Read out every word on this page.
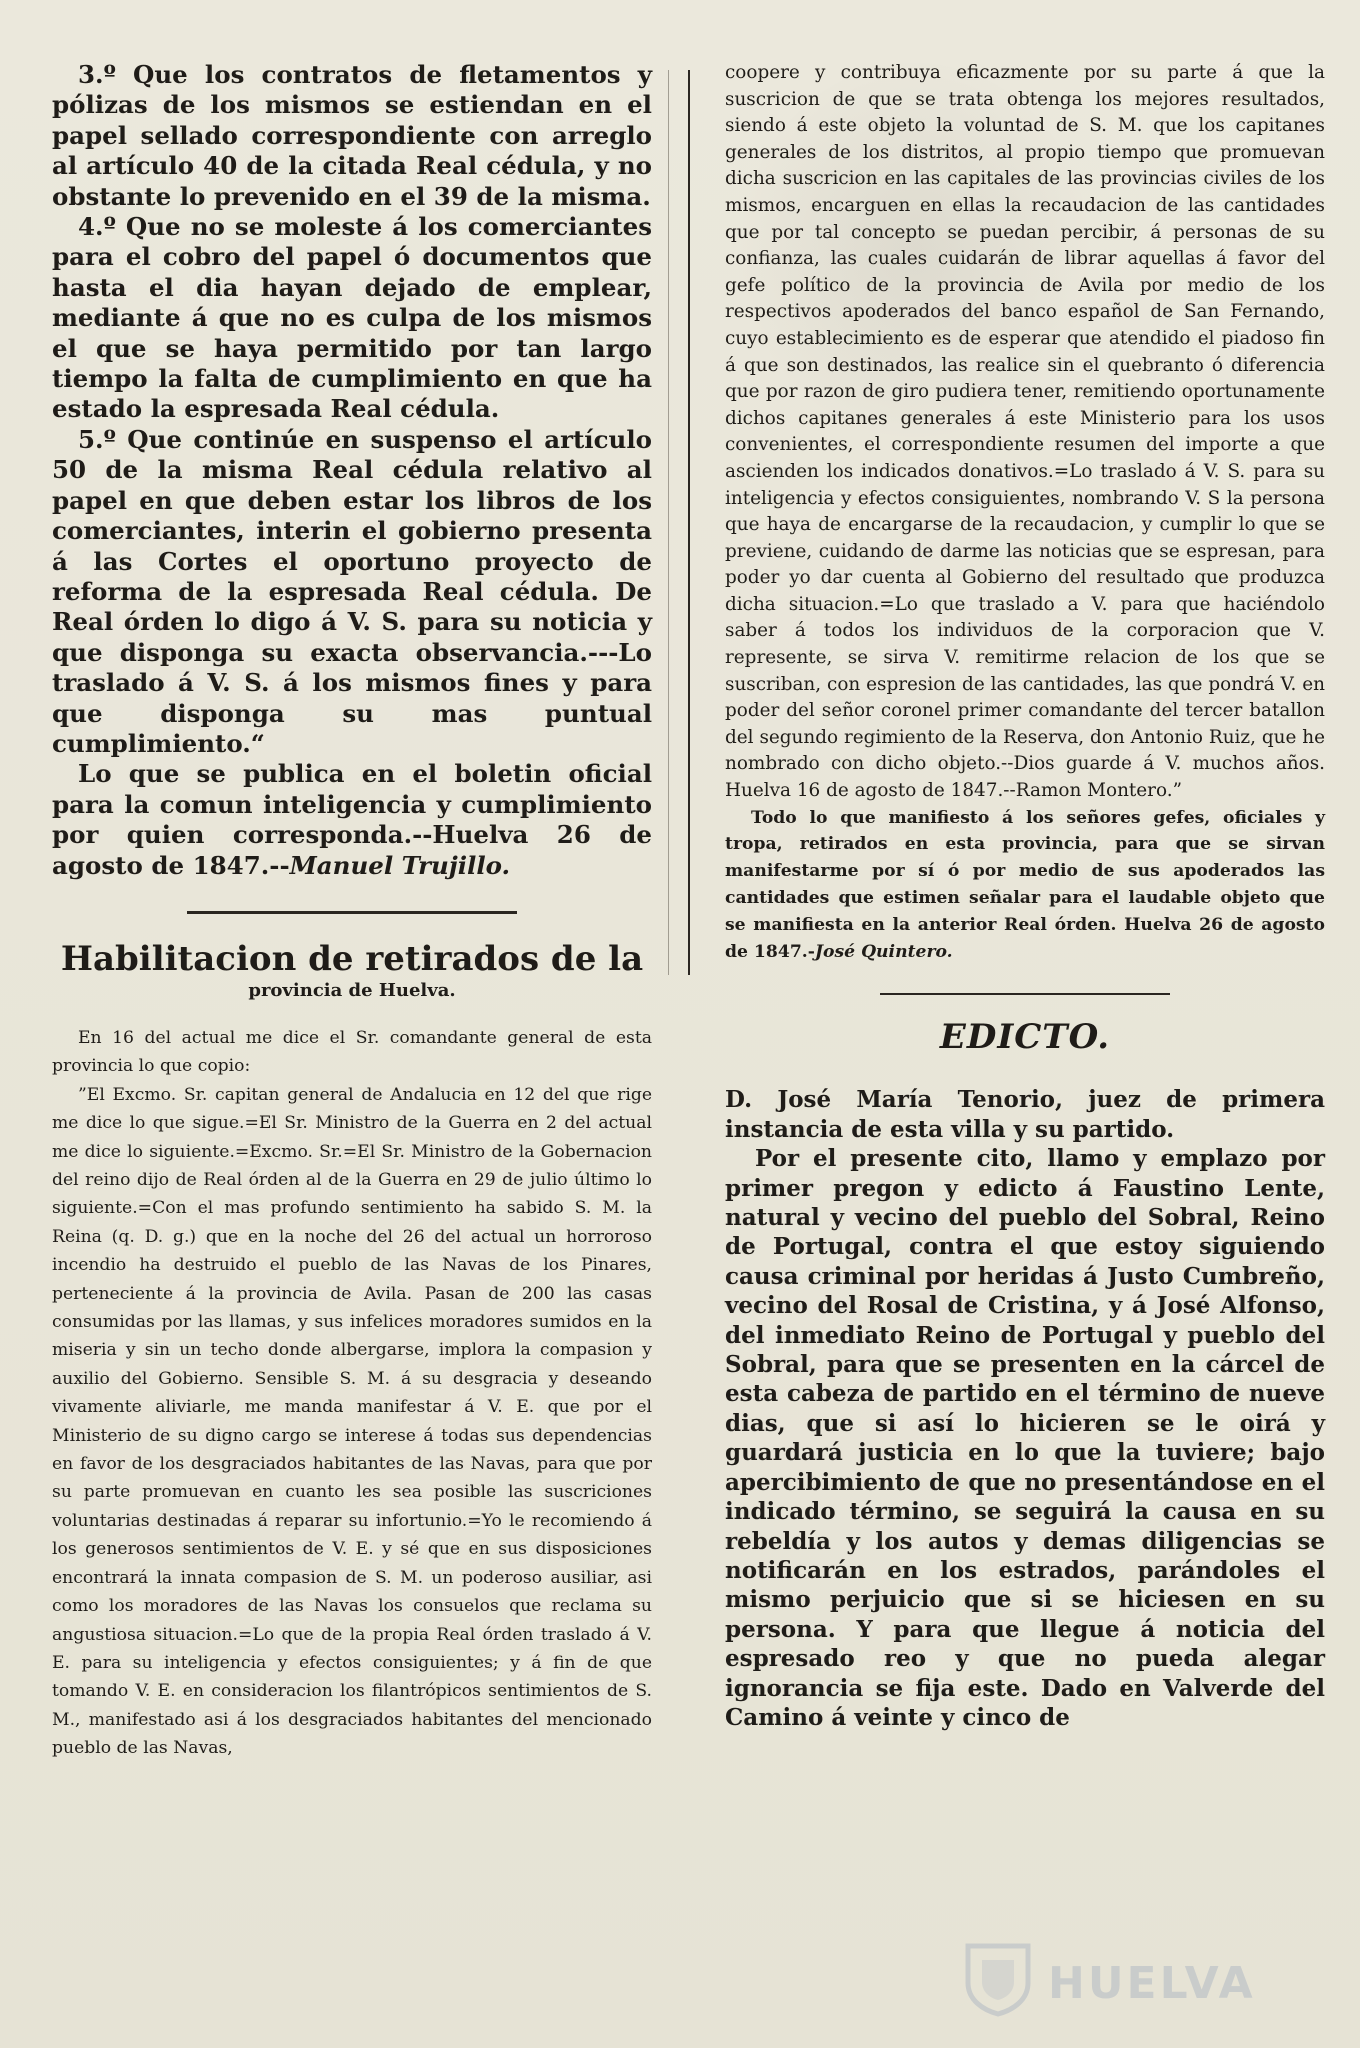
3.º Que los contratos de fletamentos y pólizas de los mismos se estiendan en el papel sellado correspondiente con arreglo al artículo 40 de la citada Real cédula, y no obstante lo prevenido en el 39 de la misma.

4.º Que no se moleste á los comerciantes para el cobro del papel ó documentos que hasta el dia hayan dejado de emplear, mediante á que no es culpa de los mismos el que se haya permitido por tan largo tiempo la falta de cumplimiento en que ha estado la espresada Real cédula.

5.º Que continúe en suspenso el artículo 50 de la misma Real cédula relativo al papel en que deben estar los libros de los comerciantes, interin el gobierno presenta á las Cortes el oportuno proyecto de reforma de la espresada Real cédula. De Real órden lo digo á V. S. para su noticia y que disponga su exacta observancia.---Lo traslado á V. S. á los mismos fines y para que disponga su mas puntual cumplimiento.“

Lo que se publica en el boletin oficial para la comun inteligencia y cumplimiento por quien corresponda.--Huelva 26 de agosto de 1847.--Manuel Trujillo.

Habilitacion de retirados de la
provincia de Huelva.

En 16 del actual me dice el Sr. comandante general de esta provincia lo que copio:

”El Excmo. Sr. capitan general de Andalucia en 12 del que rige me dice lo que sigue.=El Sr. Ministro de la Guerra en 2 del actual me dice lo siguiente.=Excmo. Sr.=El Sr. Ministro de la Gobernacion del reino dijo de Real órden al de la Guerra en 29 de julio último lo siguiente.=Con el mas profundo sentimiento ha sabido S. M. la Reina (q. D. g.) que en la noche del 26 del actual un horroroso incendio ha destruido el pueblo de las Navas de los Pinares, perteneciente á la provincia de Avila. Pasan de 200 las casas consumidas por las llamas, y sus infelices moradores sumidos en la miseria y sin un techo donde albergarse, implora la compasion y auxilio del Gobierno. Sensible S. M. á su desgracia y deseando vivamente aliviarle, me manda manifestar á V. E. que por el Ministerio de su digno cargo se interese á todas sus dependencias en favor de los desgraciados habitantes de las Navas, para que por su parte promuevan en cuanto les sea posible las suscriciones voluntarias destinadas á reparar su infortunio.=Yo le recomiendo á los generosos sentimientos de V. E. y sé que en sus disposiciones encontrará la innata compasion de S. M. un poderoso ausiliar, asi como los moradores de las Navas los consuelos que reclama su angustiosa situacion.=Lo que de la propia Real órden traslado á V. E. para su inteligencia y efectos consiguientes; y á fin de que tomando V. E. en consideracion los filantrópicos sentimientos de S. M., manifestado asi á los desgraciados habitantes del mencionado pueblo de las Navas,

coopere y contribuya eficazmente por su parte á que la suscricion de que se trata obtenga los mejores resultados, siendo á este objeto la voluntad de S. M. que los capitanes generales de los distritos, al propio tiempo que promuevan dicha suscricion en las capitales de las provincias civiles de los mismos, encarguen en ellas la recaudacion de las cantidades que por tal concepto se puedan percibir, á personas de su confianza, las cuales cuidarán de librar aquellas á favor del gefe político de la provincia de Avila por medio de los respectivos apoderados del banco español de San Fernando, cuyo establecimiento es de esperar que atendido el piadoso fin á que son destinados, las realice sin el quebranto ó diferencia que por razon de giro pudiera tener, remitiendo oportunamente dichos capitanes generales á este Ministerio para los usos convenientes, el correspondiente resumen del importe a que ascienden los indicados donativos.=Lo traslado á V. S. para su inteligencia y efectos consiguientes, nombrando V. S la persona que haya de encargarse de la recaudacion, y cumplir lo que se previene, cuidando de darme las noticias que se espresan, para poder yo dar cuenta al Gobierno del resultado que produzca dicha situacion.=Lo que traslado a V. para que haciéndolo saber á todos los individuos de la corporacion que V. represente, se sirva V. remitirme relacion de los que se suscriban, con espresion de las cantidades, las que pondrá V. en poder del señor coronel primer comandante del tercer batallon del segundo regimiento de la Reserva, don Antonio Ruiz, que he nombrado con dicho objeto.--Dios guarde á V. muchos años. Huelva 16 de agosto de 1847.--Ramon Montero.”

Todo lo que manifiesto á los señores gefes, oficiales y tropa, retirados en esta provincia, para que se sirvan manifestarme por sí ó por medio de sus apoderados las cantidades que estimen señalar para el laudable objeto que se manifiesta en la anterior Real órden. Huelva 26 de agosto de 1847.-José Quintero.

EDICTO.

D. José María Tenorio, juez de primera instancia de esta villa y su partido.

Por el presente cito, llamo y emplazo por primer pregon y edicto á Faustino Lente, natural y vecino del pueblo del Sobral, Reino de Portugal, contra el que estoy siguiendo causa criminal por heridas á Justo Cumbreño, vecino del Rosal de Cristina, y á José Alfonso, del inmediato Reino de Portugal y pueblo del Sobral, para que se presenten en la cárcel de esta cabeza de partido en el término de nueve dias, que si así lo hicieren se le oirá y guardará justicia en lo que la tuviere; bajo apercibimiento de que no presentándose en el indicado término, se seguirá la causa en su rebeldía y los autos y demas diligencias se notificarán en los estrados, parándoles el mismo perjuicio que si se hiciesen en su persona. Y para que llegue á noticia del espresado reo y que no pueda alegar ignorancia se fija este. Dado en Valverde del Camino á veinte y cinco de

HUELVA
